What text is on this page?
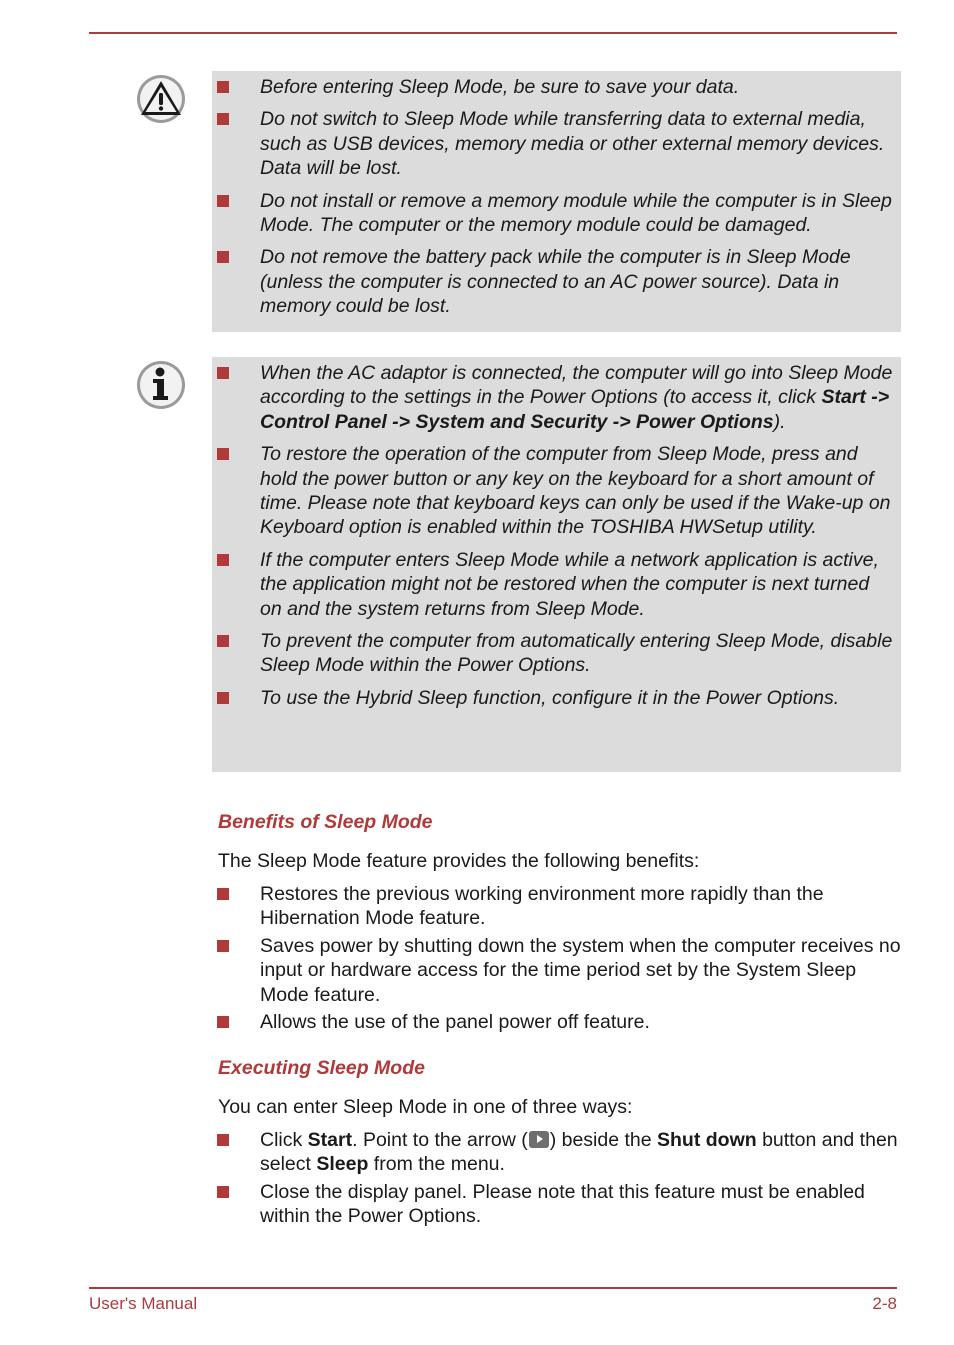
Before entering Sleep Mode, be sure to save your data.
Do not switch to Sleep Mode while transferring data to external media, such as USB devices, memory media or other external memory devices. Data will be lost.
Do not install or remove a memory module while the computer is in Sleep Mode. The computer or the memory module could be damaged.
Do not remove the battery pack while the computer is in Sleep Mode (unless the computer is connected to an AC power source). Data in memory could be lost.
When the AC adaptor is connected, the computer will go into Sleep Mode according to the settings in the Power Options (to access it, click Start -> Control Panel -> System and Security -> Power Options).
To restore the operation of the computer from Sleep Mode, press and hold the power button or any key on the keyboard for a short amount of time. Please note that keyboard keys can only be used if the Wake-up on Keyboard option is enabled within the TOSHIBA HWSetup utility.
If the computer enters Sleep Mode while a network application is active, the application might not be restored when the computer is next turned on and the system returns from Sleep Mode.
To prevent the computer from automatically entering Sleep Mode, disable Sleep Mode within the Power Options.
To use the Hybrid Sleep function, configure it in the Power Options.
Benefits of Sleep Mode

The Sleep Mode feature provides the following benefits:

Restores the previous working environment more rapidly than the Hibernation Mode feature.
Saves power by shutting down the system when the computer receives no input or hardware access for the time period set by the System Sleep Mode feature.
Allows the use of the panel power off feature.
Executing Sleep Mode

You can enter Sleep Mode in one of three ways:

Click Start. Point to the arrow ( ) beside the Shut down button and then select Sleep from the menu.
Close the display panel. Please note that this feature must be enabled within the Power Options.
User's Manual	2-8
